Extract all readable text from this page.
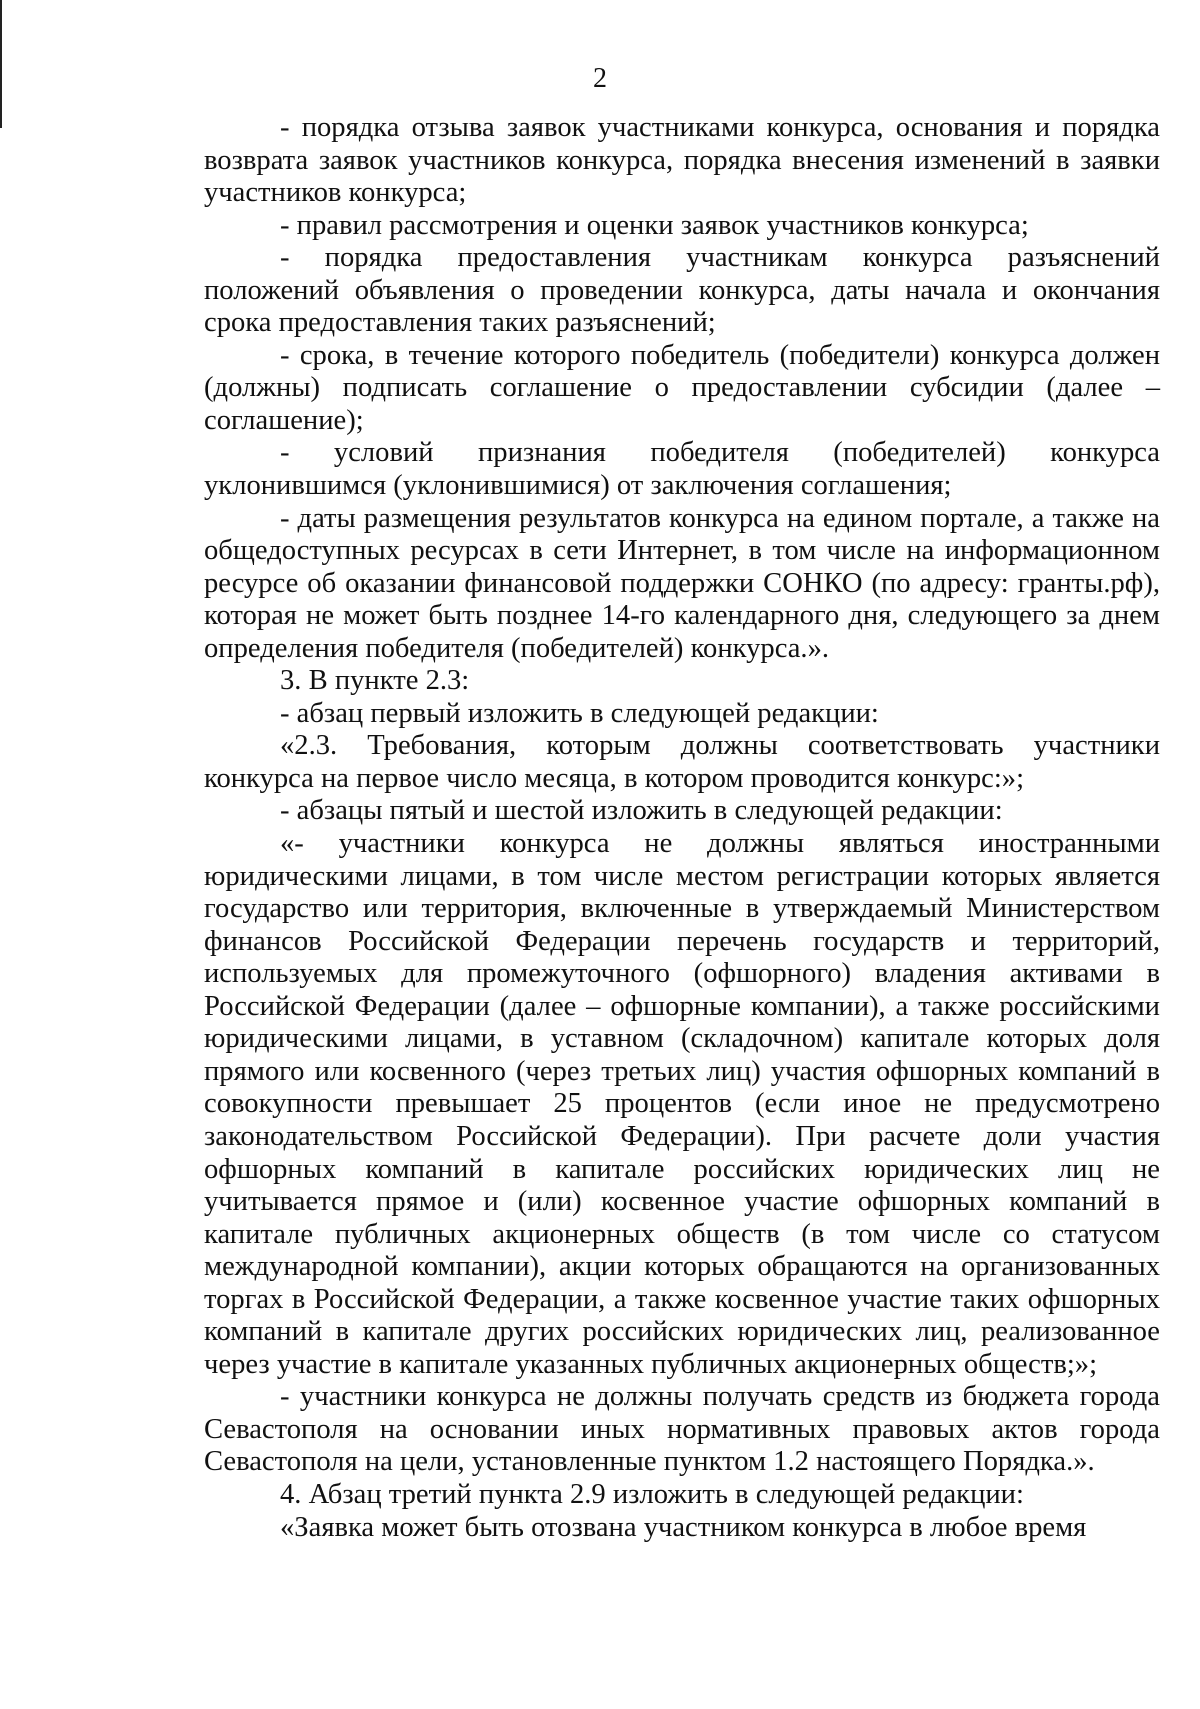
2

- порядка отзыва заявок участниками конкурса, основания и порядка возврата заявок участников конкурса, порядка внесения изменений в заявки участников конкурса;

- правил рассмотрения и оценки заявок участников конкурса;

- порядка предоставления участникам конкурса разъяснений положений объявления о проведении конкурса, даты начала и окончания срока предоставления таких разъяснений;

- срока, в течение которого победитель (победители) конкурса должен (должны) подписать соглашение о предоставлении субсидии (далее – соглашение);

- условий признания победителя (победителей) конкурса уклонившимся (уклонившимися) от заключения соглашения;

- даты размещения результатов конкурса на едином портале, а также на общедоступных ресурсах в сети Интернет, в том числе на информационном ресурсе об оказании финансовой поддержки СОНКО (по адресу: гранты.рф), которая не может быть позднее 14-го календарного дня, следующего за днем определения победителя (победителей) конкурса.».

3. В пункте 2.3:

- абзац первый изложить в следующей редакции:

«2.3. Требования, которым должны соответствовать участники конкурса на первое число месяца, в котором проводится конкурс:»;

- абзацы пятый и шестой изложить в следующей редакции:

«- участники конкурса не должны являться иностранными юридическими лицами, в том числе местом регистрации которых является государство или территория, включенные в утверждаемый Министерством финансов Российской Федерации перечень государств и территорий, используемых для промежуточного (офшорного) владения активами в Российской Федерации (далее – офшорные компании), а также российскими юридическими лицами, в уставном (складочном) капитале которых доля прямого или косвенного (через третьих лиц) участия офшорных компаний в совокупности превышает 25 процентов (если иное не предусмотрено законодательством Российской Федерации). При расчете доли участия офшорных компаний в капитале российских юридических лиц не учитывается прямое и (или) косвенное участие офшорных компаний в капитале публичных акционерных обществ (в том числе со статусом международной компании), акции которых обращаются на организованных торгах в Российской Федерации, а также косвенное участие таких офшорных компаний в капитале других российских юридических лиц, реализованное через участие в капитале указанных публичных акционерных обществ;»;

- участники конкурса не должны получать средств из бюджета города Севастополя на основании иных нормативных правовых актов города Севастополя на цели, установленные пунктом 1.2 настоящего Порядка.».

4. Абзац третий пункта 2.9 изложить в следующей редакции:

«Заявка может быть отозвана участником конкурса в любое время
